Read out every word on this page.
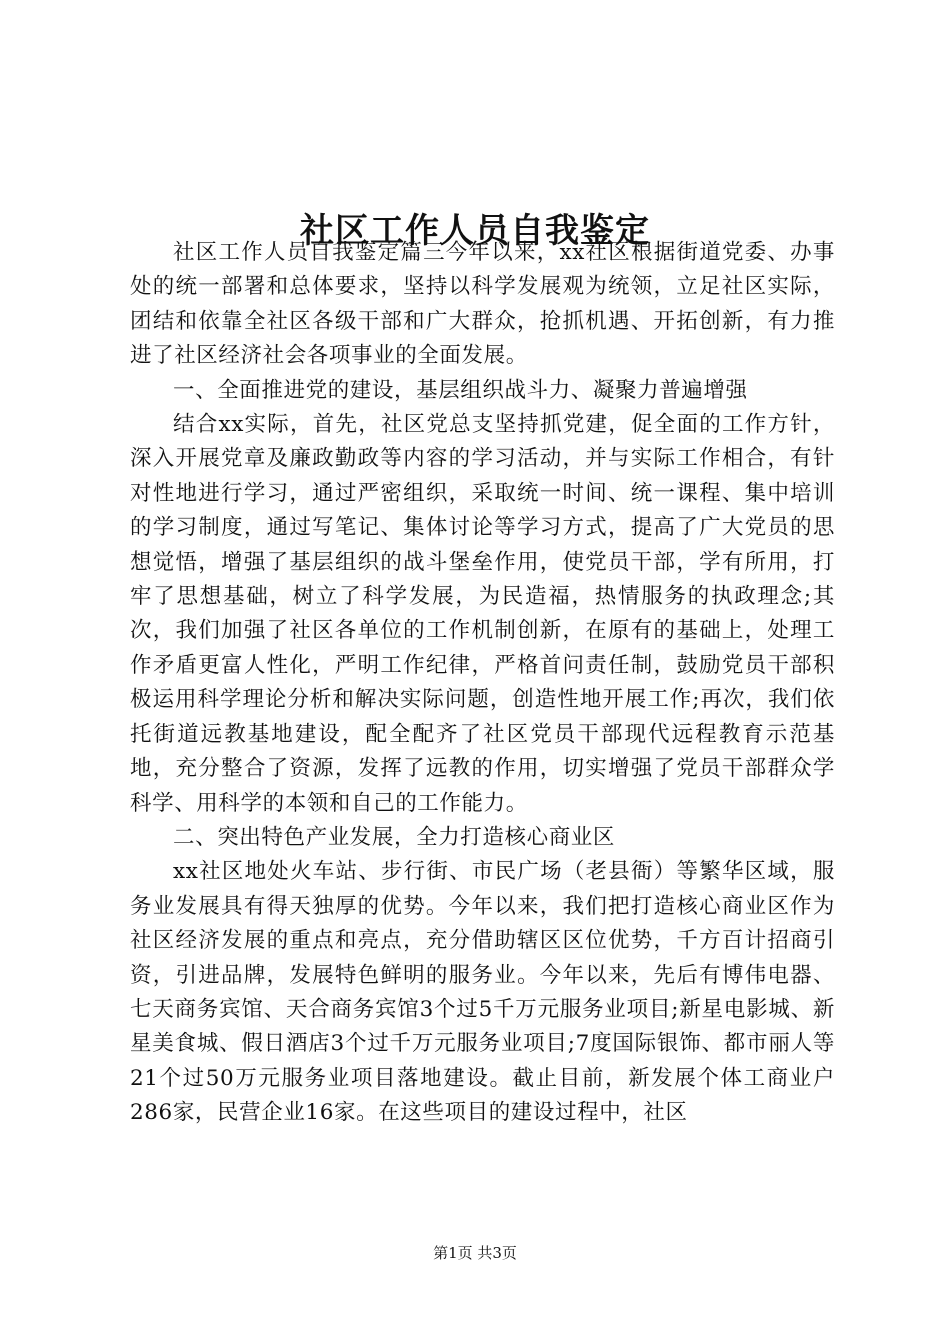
社区工作人员自我鉴定

社区工作人员自我鉴定篇三今年以来，xx社区根据街道党委、办事处的统一部署和总体要求，坚持以科学发展观为统领，立足社区实际，团结和依靠全社区各级干部和广大群众，抢抓机遇、开拓创新，有力推进了社区经济社会各项事业的全面发展。

一、全面推进党的建设，基层组织战斗力、凝聚力普遍增强

结合xx实际，首先，社区党总支坚持抓党建，促全面的工作方针，深入开展党章及廉政勤政等内容的学习活动，并与实际工作相合，有针对性地进行学习，通过严密组织，采取统一时间、统一课程、集中培训的学习制度，通过写笔记、集体讨论等学习方式，提高了广大党员的思想觉悟，增强了基层组织的战斗堡垒作用，使党员干部，学有所用，打牢了思想基础，树立了科学发展，为民造福，热情服务的执政理念;其次，我们加强了社区各单位的工作机制创新，在原有的基础上，处理工作矛盾更富人性化，严明工作纪律，严格首问责任制，鼓励党员干部积极运用科学理论分析和解决实际问题，创造性地开展工作;再次，我们依托街道远教基地建设，配全配齐了社区党员干部现代远程教育示范基地，充分整合了资源，发挥了远教的作用，切实增强了党员干部群众学科学、用科学的本领和自己的工作能力。

二、突出特色产业发展，全力打造核心商业区

xx社区地处火车站、步行街、市民广场（老县衙）等繁华区域，服务业发展具有得天独厚的优势。今年以来，我们把打造核心商业区作为社区经济发展的重点和亮点，充分借助辖区区位优势，千方百计招商引资，引进品牌，发展特色鲜明的服务业。今年以来，先后有博伟电器、七天商务宾馆、天合商务宾馆3个过5千万元服务业项目;新星电影城、新星美食城、假日酒店3个过千万元服务业项目;7度国际银饰、都市丽人等21个过50万元服务业项目落地建设。截止目前，新发展个体工商业户286家，民营企业16家。在这些项目的建设过程中，社区

第1页 共3页
